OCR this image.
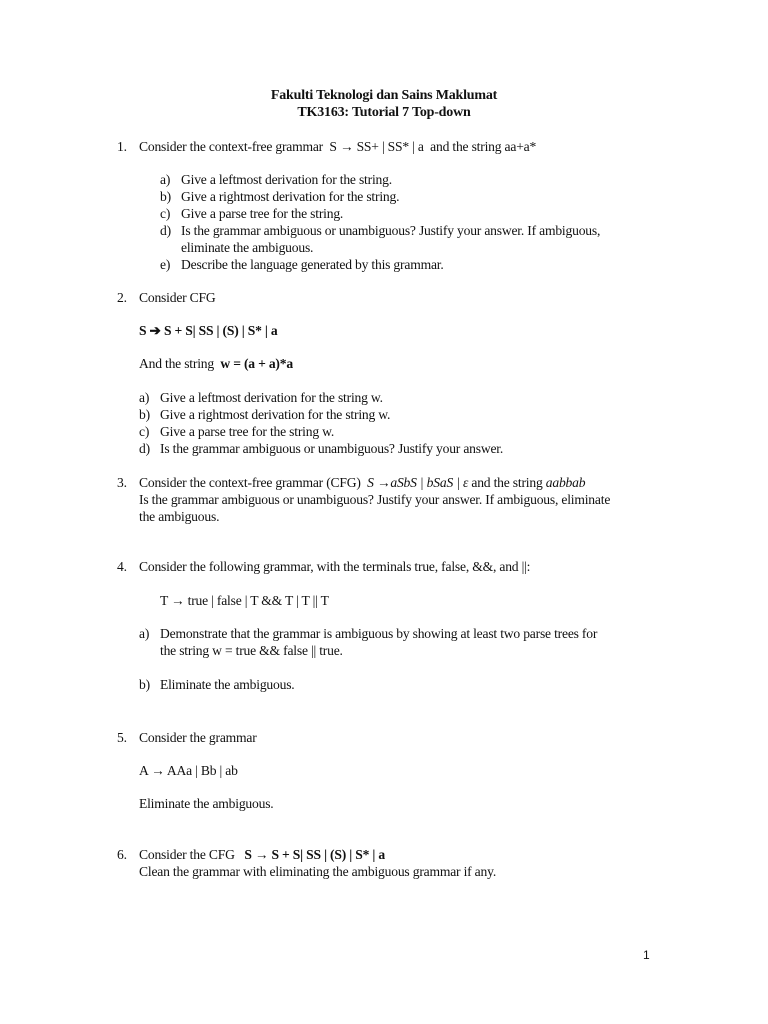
Fakulti Teknologi dan Sains Maklumat
TK3163: Tutorial 7 Top-down
1. Consider the context-free grammar S → SS+ | SS* | a and the string aa+a*
a) Give a leftmost derivation for the string.
b) Give a rightmost derivation for the string.
c) Give a parse tree for the string.
d) Is the grammar ambiguous or unambiguous? Justify your answer. If ambiguous,
eliminate the ambiguous.
e) Describe the language generated by this grammar.
2. Consider CFG
S ➔ S + S| SS | (S) | S* | a
And the string w = (a + a)*a
a) Give a leftmost derivation for the string w.
b) Give a rightmost derivation for the string w.
c) Give a parse tree for the string w.
d) Is the grammar ambiguous or unambiguous? Justify your answer.
3. Consider the context-free grammar (CFG) S →aSbS | bSaS | ε and the string aabbab
Is the grammar ambiguous or unambiguous? Justify your answer. If ambiguous, eliminate
the ambiguous.
4. Consider the following grammar, with the terminals true, false, &&, and ||:
T → true | false | T && T | T || T
a) Demonstrate that the grammar is ambiguous by showing at least two parse trees for
the string w = true && false || true.
b) Eliminate the ambiguous.
5. Consider the grammar
A → AAa | Bb | ab
Eliminate the ambiguous.
6. Consider the CFG S → S + S| SS | (S) | S* | a
Clean the grammar with eliminating the ambiguous grammar if any.
1
